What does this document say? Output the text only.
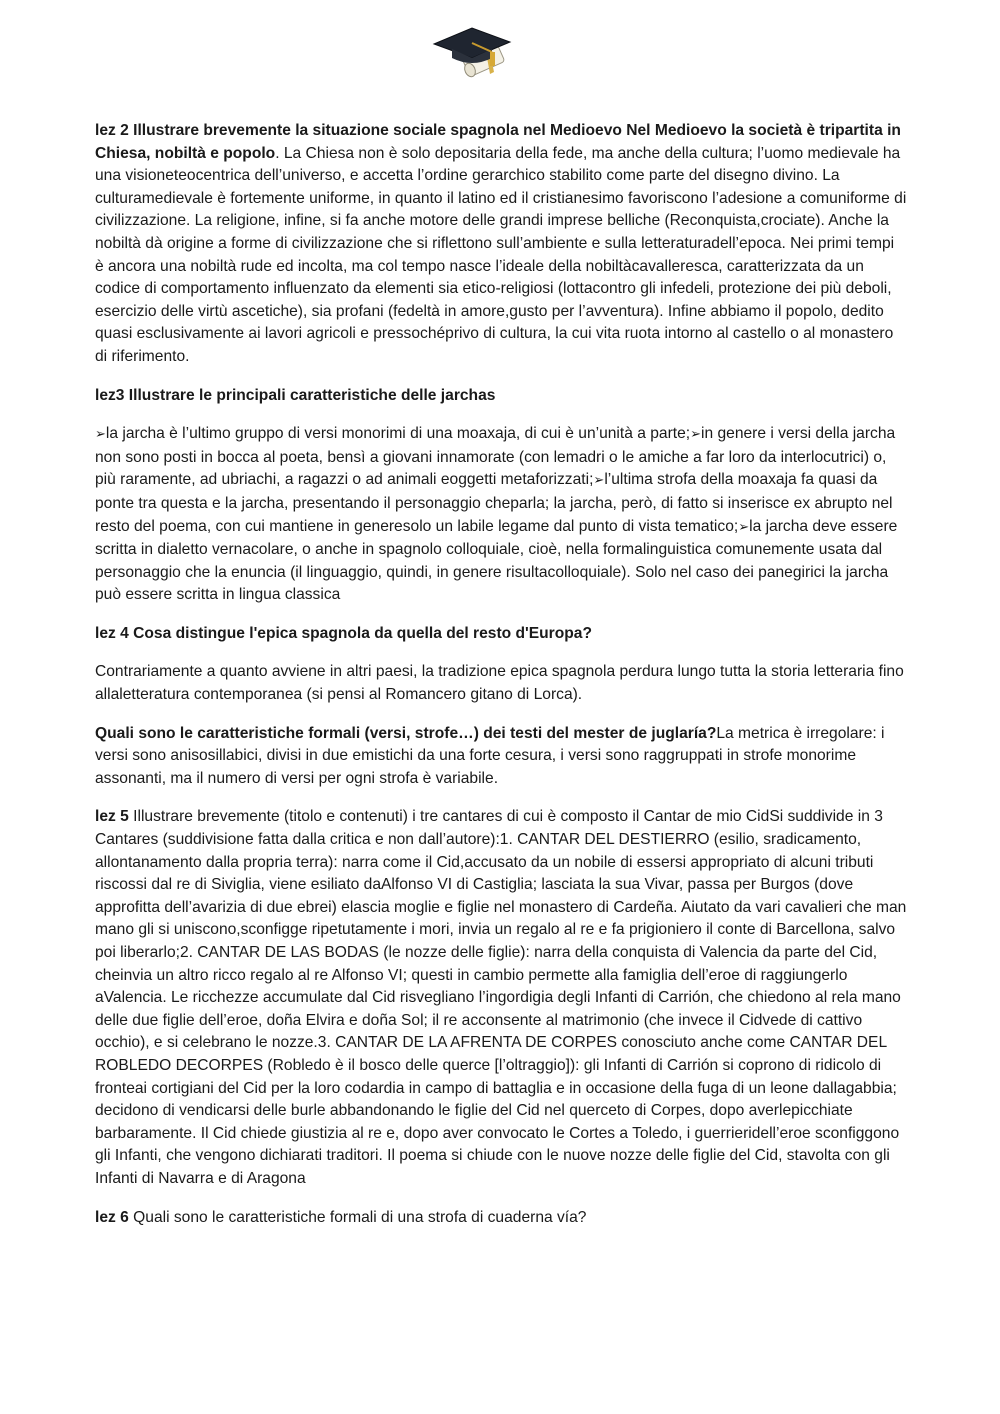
lez 2 Illustrare brevemente la situazione sociale spagnola nel Medioevo Nel Medioevo la società è tripartita in Chiesa, nobiltà e popolo. La Chiesa non è solo depositaria della fede, ma anche della cultura; l’uomo medievale ha una visioneteocentrica dell’universo, e accetta l’ordine gerarchico stabilito come parte del disegno divino. La culturamedievale è fortemente uniforme, in quanto il latino ed il cristianesimo favoriscono l’adesione a comuniforme di civilizzazione. La religione, infine, si fa anche motore delle grandi imprese belliche (Reconquista,crociate). Anche la nobiltà dà origine a forme di civilizzazione che si riflettono sull’ambiente e sulla letteraturadell’epoca. Nei primi tempi è ancora una nobiltà rude ed incolta, ma col tempo nasce l’ideale della nobiltàcavalleresca, caratterizzata da un codice di comportamento influenzato da elementi sia etico-religiosi (lottacontro gli infedeli, protezione dei più deboli, esercizio delle virtù ascetiche), sia profani (fedeltà in amore,gusto per l’avventura). Infine abbiamo il popolo, dedito quasi esclusivamente ai lavori agricoli e pressochéprivo di cultura, la cui vita ruota intorno al castello o al monastero di riferimento.

lez3 Illustrare le principali caratteristiche delle jarchas

➢la jarcha è l’ultimo gruppo di versi monorimi di una moaxaja, di cui è un’unità a parte;➢in genere i versi della jarcha non sono posti in bocca al poeta, bensì a giovani innamorate (con lemadri o le amiche a far loro da interlocutrici) o, più raramente, ad ubriachi, a ragazzi o ad animali eoggetti metaforizzati;➢l’ultima strofa della moaxaja fa quasi da ponte tra questa e la jarcha, presentando il personaggio cheparla; la jarcha, però, di fatto si inserisce ex abrupto nel resto del poema, con cui mantiene in generesolo un labile legame dal punto di vista tematico;➢la jarcha deve essere scritta in dialetto vernacolare, o anche in spagnolo colloquiale, cioè, nella formalinguistica comunemente usata dal personaggio che la enuncia (il linguaggio, quindi, in genere risultacolloquiale). Solo nel caso dei panegirici la jarcha può essere scritta in lingua classica

lez 4 Cosa distingue l'epica spagnola da quella del resto d'Europa?

Contrariamente a quanto avviene in altri paesi, la tradizione epica spagnola perdura lungo tutta la storia letteraria fino allaletteratura contemporanea (si pensi al Romancero gitano di Lorca).

Quali sono le caratteristiche formali (versi, strofe…) dei testi del mester de juglaría?La metrica è irregolare: i versi sono anisosillabici, divisi in due emistichi da una forte cesura, i versi sono raggruppati in strofe monorime assonanti, ma il numero di versi per ogni strofa è variabile.

lez 5 Illustrare brevemente (titolo e contenuti) i tre cantares di cui è composto il Cantar de mio CidSi suddivide in 3 Cantares (suddivisione fatta dalla critica e non dall’autore):1. CANTAR DEL DESTIERRO (esilio, sradicamento, allontanamento dalla propria terra): narra come il Cid,accusato da un nobile di essersi appropriato di alcuni tributi riscossi dal re di Siviglia, viene esiliato daAlfonso VI di Castiglia; lasciata la sua Vivar, passa per Burgos (dove approfitta dell’avarizia di due ebrei) elascia moglie e figlie nel monastero di Cardeña. Aiutato da vari cavalieri che man mano gli si uniscono,sconfigge ripetutamente i mori, invia un regalo al re e fa prigioniero il conte di Barcellona, salvo poi liberarlo;2. CANTAR DE LAS BODAS (le nozze delle figlie): narra della conquista di Valencia da parte del Cid, cheinvia un altro ricco regalo al re Alfonso VI; questi in cambio permette alla famiglia dell’eroe di raggiungerlo aValencia. Le ricchezze accumulate dal Cid risvegliano l’ingordigia degli Infanti di Carrión, che chiedono al rela mano delle due figlie dell’eroe, doña Elvira e doña Sol; il re acconsente al matrimonio (che invece il Cidvede di cattivo occhio), e si celebrano le nozze.3. CANTAR DE LA AFRENTA DE CORPES conosciuto anche come CANTAR DEL ROBLEDO DECORPES (Robledo è il bosco delle querce [l’oltraggio]): gli Infanti di Carrión si coprono di ridicolo di fronteai cortigiani del Cid per la loro codardia in campo di battaglia e in occasione della fuga di un leone dallagabbia; decidono di vendicarsi delle burle abbandonando le figlie del Cid nel querceto di Corpes, dopo averlepicchiate barbaramente. Il Cid chiede giustizia al re e, dopo aver convocato le Cortes a Toledo, i guerrieridell’eroe sconfiggono gli Infanti, che vengono dichiarati traditori. Il poema si chiude con le nuove nozze delle figlie del Cid, stavolta con gli Infanti di Navarra e di Aragona

lez 6 Quali sono le caratteristiche formali di una strofa di cuaderna vía?
